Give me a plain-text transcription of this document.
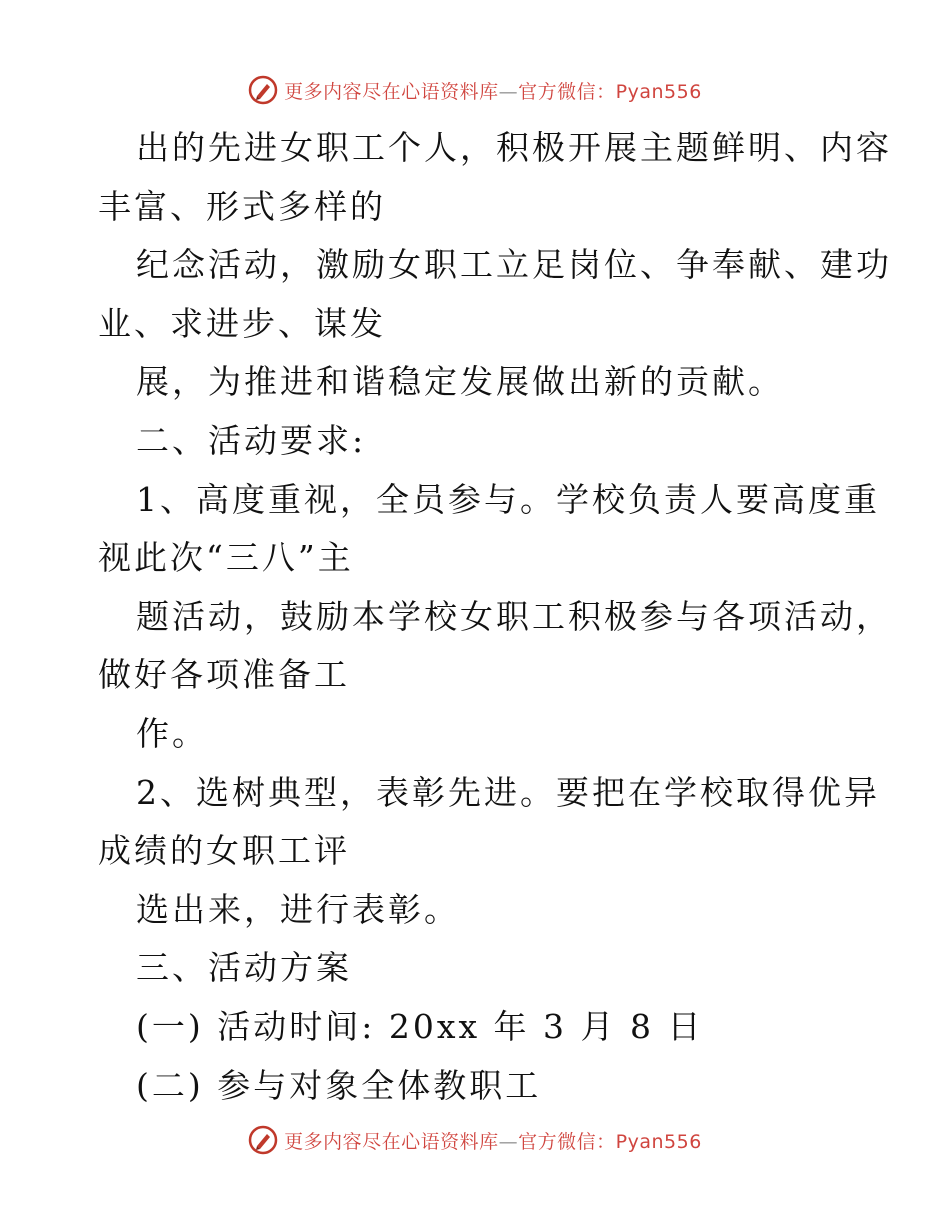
更多内容尽在心语资料库—官方微信：Pyan556
出的先进女职工个人，积极开展主题鲜明、内容
丰富、形式多样的
纪念活动，激励女职工立足岗位、争奉献、建功
业、求进步、谋发
展，为推进和谐稳定发展做出新的贡献。
二、活动要求:
1、高度重视，全员参与。学校负责人要高度重
视此次“三八”主
题活动，鼓励本学校女职工积极参与各项活动，
做好各项准备工
作。
2、选树典型，表彰先进。要把在学校取得优异
成绩的女职工评
选出来，进行表彰。
三、活动方案
(一) 活动时间: 20xx 年 3 月 8 日
(二) 参与对象全体教职工
更多内容尽在心语资料库—官方微信：Pyan556
